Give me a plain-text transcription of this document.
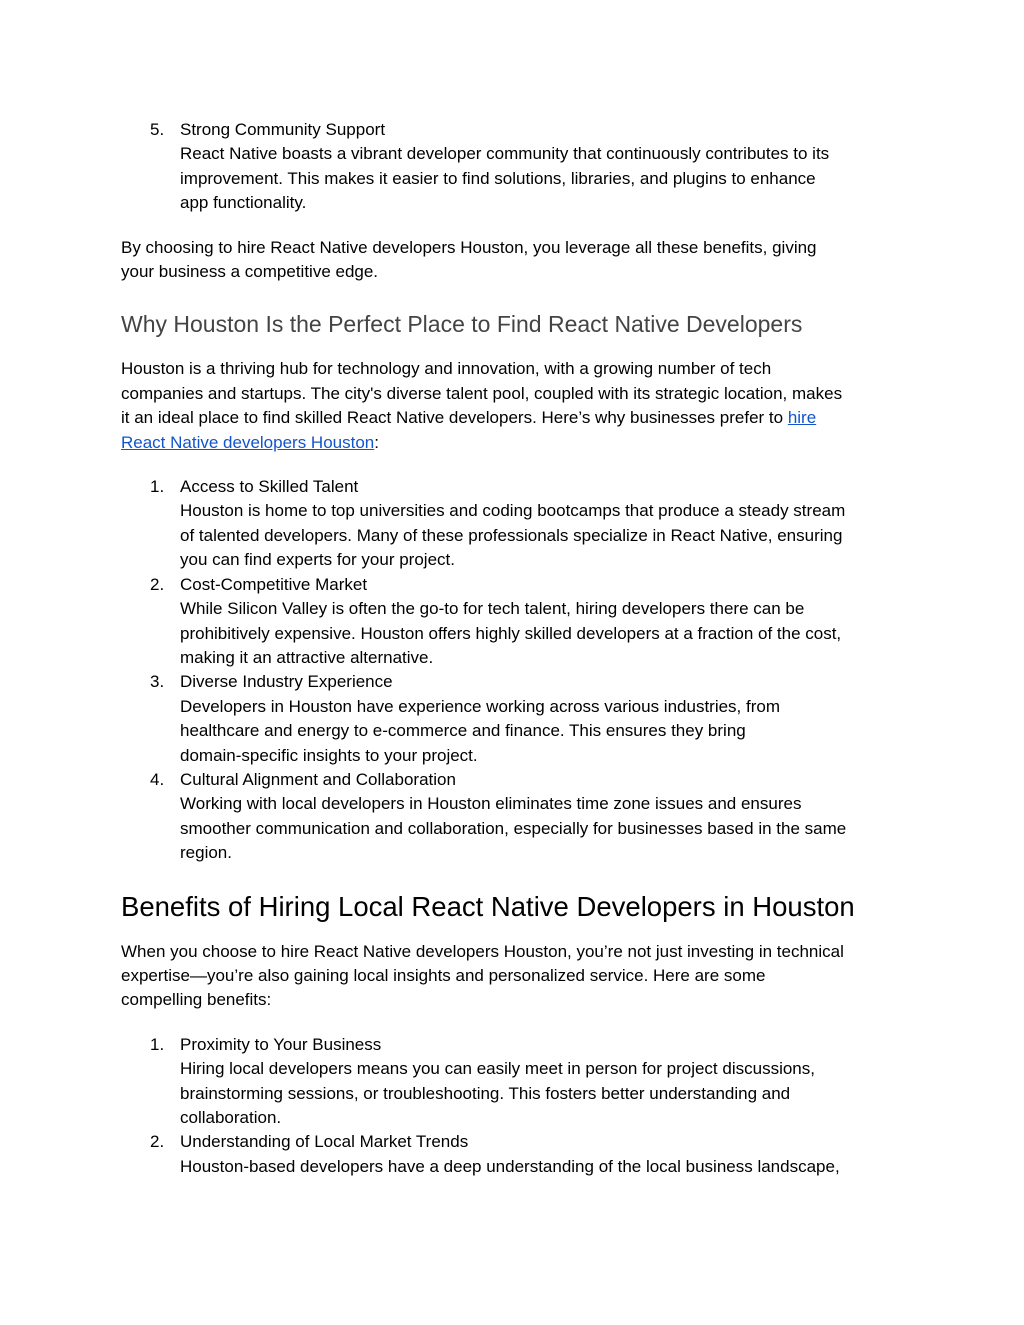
5. Strong Community Support
React Native boasts a vibrant developer community that continuously contributes to its
improvement. This makes it easier to find solutions, libraries, and plugins to enhance
app functionality.

By choosing to hire React Native developers Houston, you leverage all these benefits, giving

your business a competitive edge.

Why Houston Is the Perfect Place to Find React Native Developers

Houston is a thriving hub for technology and innovation, with a growing number of tech

companies and startups. The city's diverse talent pool, coupled with its strategic location, makes

it an ideal place to find skilled React Native developers. Here’s why businesses prefer to hire

React Native developers Houston:

1. Access to Skilled Talent
Houston is home to top universities and coding bootcamps that produce a steady stream
of talented developers. Many of these professionals specialize in React Native, ensuring
you can find experts for your project.
2. Cost-Competitive Market
While Silicon Valley is often the go-to for tech talent, hiring developers there can be
prohibitively expensive. Houston offers highly skilled developers at a fraction of the cost,
making it an attractive alternative.
3. Diverse Industry Experience
Developers in Houston have experience working across various industries, from
healthcare and energy to e-commerce and finance. This ensures they bring
domain-specific insights to your project.
4. Cultural Alignment and Collaboration
Working with local developers in Houston eliminates time zone issues and ensures
smoother communication and collaboration, especially for businesses based in the same
region.
Benefits of Hiring Local React Native Developers in Houston

When you choose to hire React Native developers Houston, you’re not just investing in technical

expertise—you’re also gaining local insights and personalized service. Here are some

compelling benefits:

1. Proximity to Your Business
Hiring local developers means you can easily meet in person for project discussions,
brainstorming sessions, or troubleshooting. This fosters better understanding and
collaboration.
2. Understanding of Local Market Trends
Houston-based developers have a deep understanding of the local business landscape,
